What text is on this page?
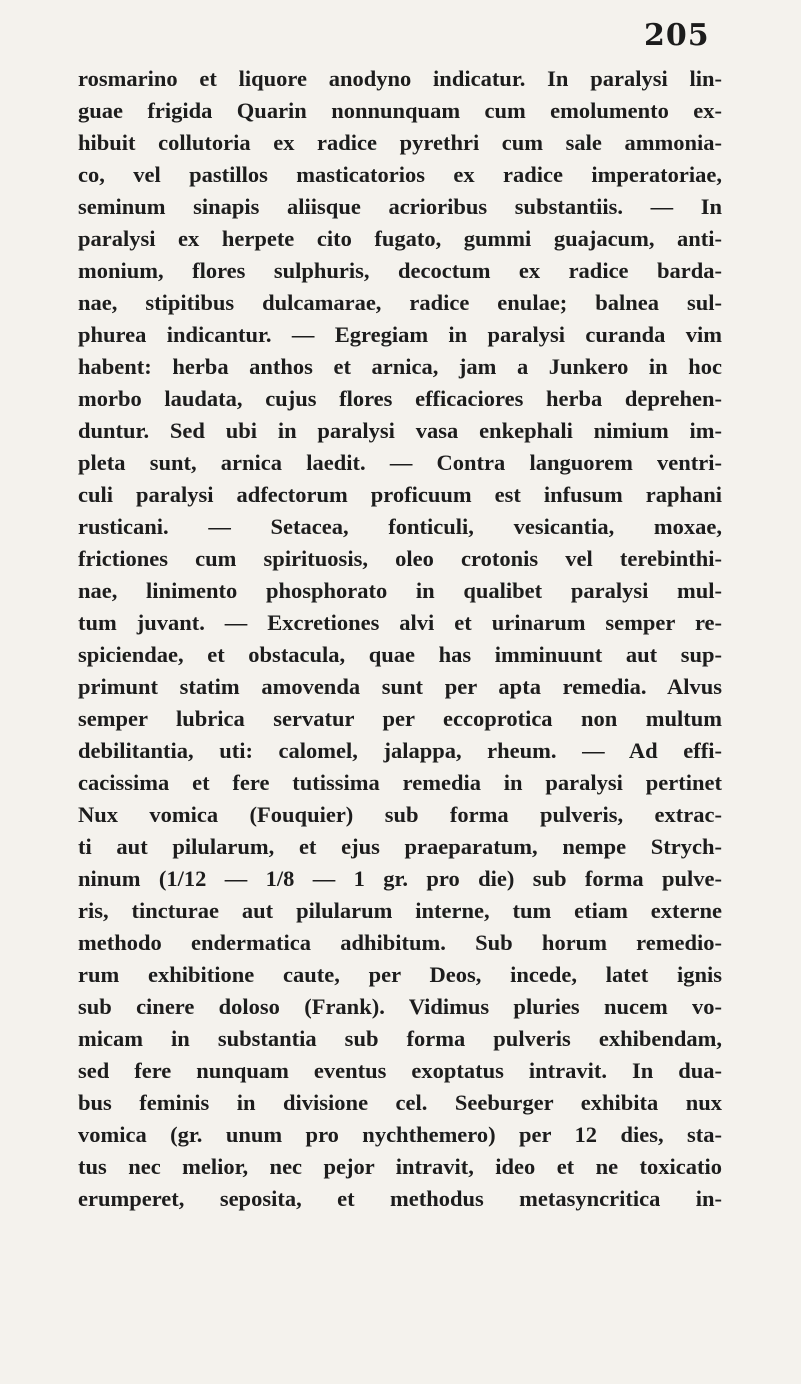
205
rosmarino et liquore anodyno indicatur. In paralysi lin-
guae frigida Quarin nonnunquam cum emolumento ex-
hibuit collutoria ex radice pyrethri cum sale ammonia-
co, vel pastillos masticatorios ex radice imperatoriae,
seminum sinapis aliisque acrioribus substantiis. — In
paralysi ex herpete cito fugato, gummi guajacum, anti-
monium, flores sulphuris, decoctum ex radice barda-
nae, stipitibus dulcamarae, radice enulae; balnea sul-
phurea indicantur. — Egregiam in paralysi curanda vim
habent: herba anthos et arnica, jam a Junkero in hoc
morbo laudata, cujus flores efficaciores herba deprehen-
duntur. Sed ubi in paralysi vasa enkephali nimium im-
pleta sunt, arnica laedit. — Contra languorem ventri-
culi paralysi adfectorum proficuum est infusum raphani
rusticani. — Setacea, fonticuli, vesicantia, moxae,
frictiones cum spirituosis, oleo crotonis vel terebinthi-
nae, linimento phosphorato in qualibet paralysi mul-
tum juvant. — Excretiones alvi et urinarum semper re-
spiciendae, et obstacula, quae has imminuunt aut sup-
primunt statim amovenda sunt per apta remedia. Alvus
semper lubrica servatur per eccoprotica non multum
debilitantia, uti: calomel, jalappa, rheum. — Ad effi-
cacissima et fere tutissima remedia in paralysi pertinet
Nux vomica (Fouquier) sub forma pulveris, extrac-
ti aut pilularum, et ejus praeparatum, nempe Strych-
ninum (1/12 — 1/8 — 1 gr. pro die) sub forma pulve-
ris, tincturae aut pilularum interne, tum etiam externe
methodo endermatica adhibitum. Sub horum remedio-
rum exhibitione caute, per Deos, incede, latet ignis
sub cinere doloso (Frank). Vidimus pluries nucem vo-
micam in substantia sub forma pulveris exhibendam,
sed fere nunquam eventus exoptatus intravit. In dua-
bus feminis in divisione cel. Seeburger exhibita nux
vomica (gr. unum pro nychthemero) per 12 dies, sta-
tus nec melior, nec pejor intravit, ideo et ne toxicatio
erumperet, seposita, et methodus metasyncritica in-
